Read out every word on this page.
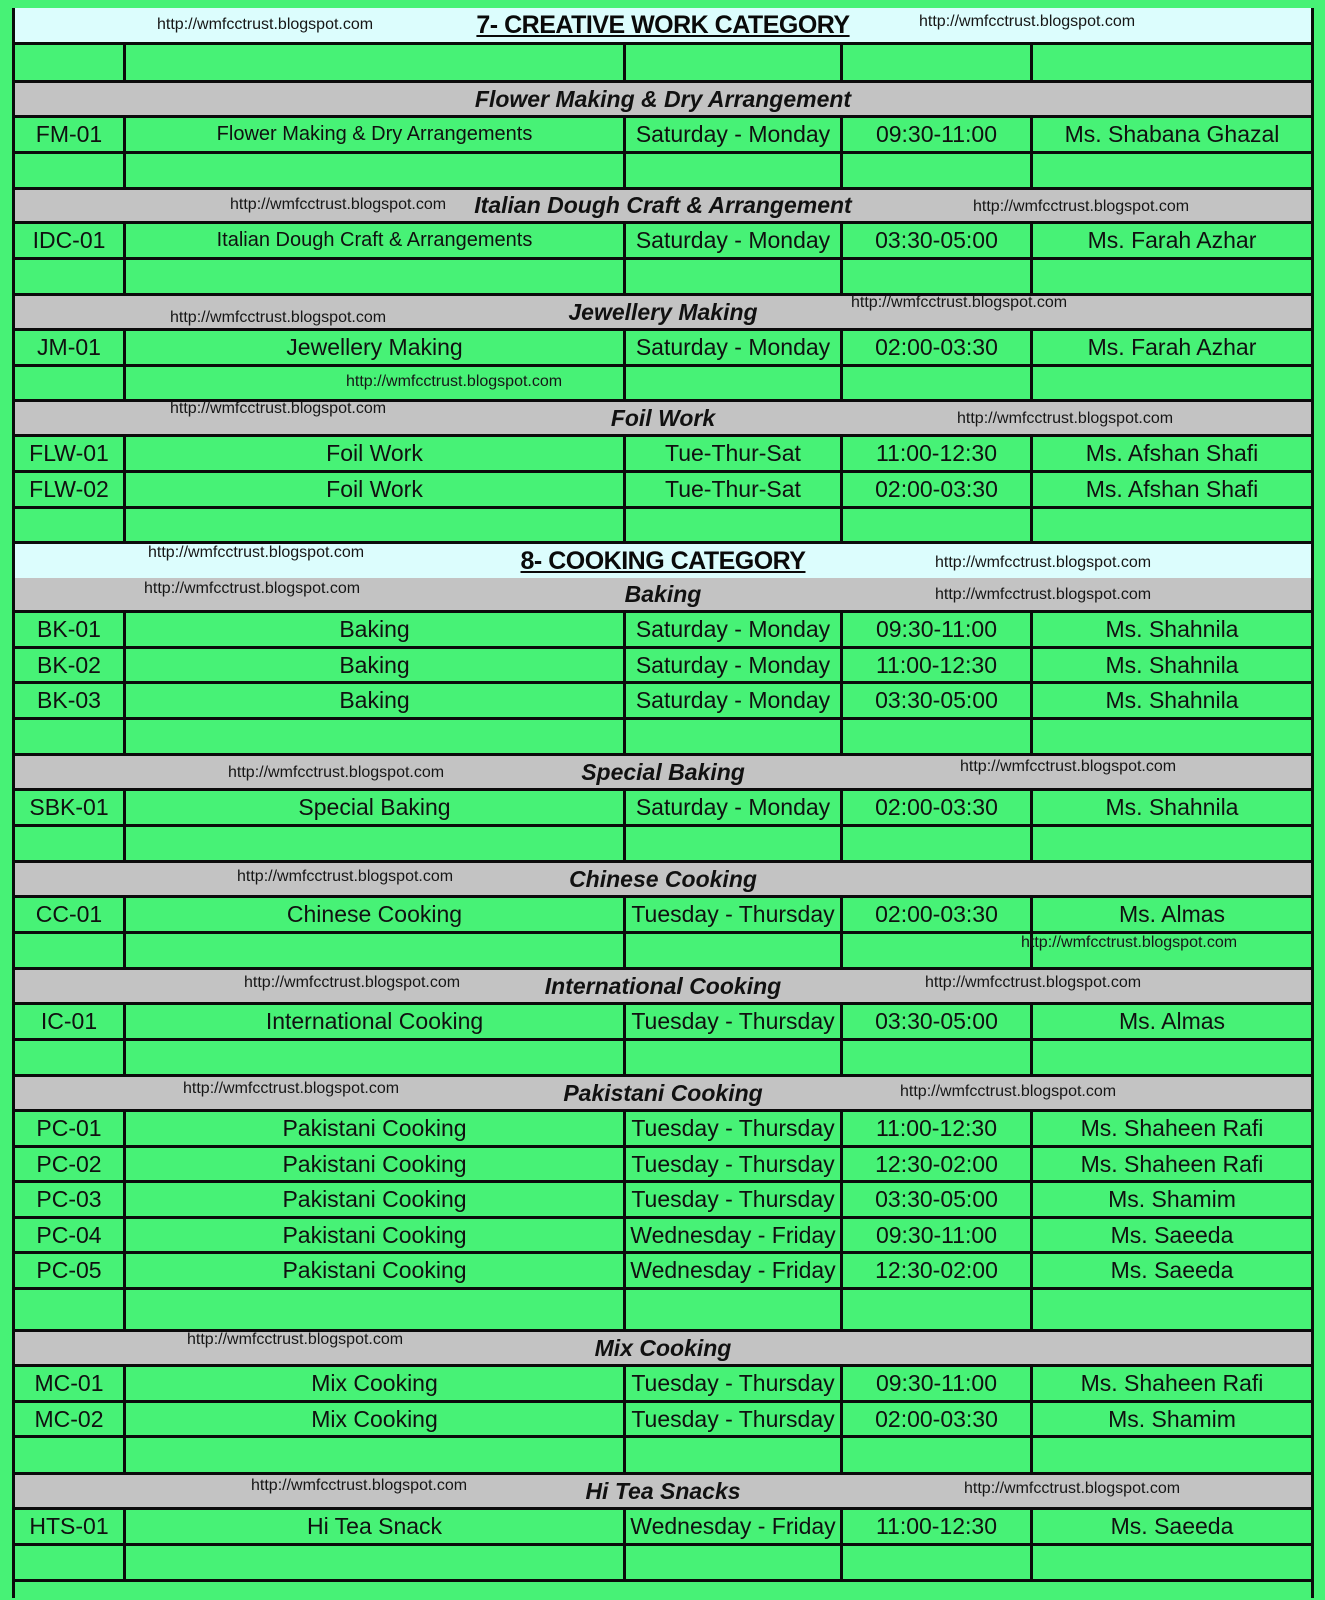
7- CREATIVE WORK CATEGORY
http://wmfcctrust.blogspot.com	http://wmfcctrust.blogspot.com
Flower Making & Dry Arrangement
FM-01	Flower Making & Dry Arrangements	Saturday - Monday	09:30-11:00	Ms. Shabana Ghazal
Italian Dough Craft & Arrangement
http://wmfcctrust.blogspot.com	http://wmfcctrust.blogspot.com
IDC-01	Italian Dough Craft & Arrangements	Saturday - Monday	03:30-05:00	Ms. Farah Azhar
Jewellery Making
http://wmfcctrust.blogspot.com
http://wmfcctrust.blogspot.com
JM-01	Jewellery Making	Saturday - Monday	02:00-03:30	Ms. Farah Azhar
http://wmfcctrust.blogspot.com
Foil Work
http://wmfcctrust.blogspot.com
http://wmfcctrust.blogspot.com
FLW-01	Foil Work	Tue-Thur-Sat	11:00-12:30	Ms. Afshan Shafi
FLW-02	Foil Work	Tue-Thur-Sat	02:00-03:30	Ms. Afshan Shafi
8- COOKING CATEGORY
http://wmfcctrust.blogspot.com
http://wmfcctrust.blogspot.com
Baking
http://wmfcctrust.blogspot.com	http://wmfcctrust.blogspot.com
BK-01	Baking	Saturday - Monday	09:30-11:00	Ms. Shahnila
BK-02	Baking	Saturday - Monday	11:00-12:30	Ms. Shahnila
BK-03	Baking	Saturday - Monday	03:30-05:00	Ms. Shahnila
Special Baking
http://wmfcctrust.blogspot.com	http://wmfcctrust.blogspot.com
SBK-01	Special Baking	Saturday - Monday	02:00-03:30	Ms. Shahnila
Chinese Cooking
http://wmfcctrust.blogspot.com
CC-01	Chinese Cooking	Tuesday - Thursday	02:00-03:30	Ms. Almas
http://wmfcctrust.blogspot.com
International Cooking
http://wmfcctrust.blogspot.com	http://wmfcctrust.blogspot.com
IC-01	International Cooking	Tuesday - Thursday	03:30-05:00	Ms. Almas
Pakistani Cooking
http://wmfcctrust.blogspot.com	http://wmfcctrust.blogspot.com
PC-01	Pakistani Cooking	Tuesday - Thursday	11:00-12:30	Ms. Shaheen Rafi
PC-02	Pakistani Cooking	Tuesday - Thursday	12:30-02:00	Ms. Shaheen Rafi
PC-03	Pakistani Cooking	Tuesday - Thursday	03:30-05:00	Ms. Shamim
PC-04	Pakistani Cooking	Wednesday - Friday	09:30-11:00	Ms. Saeeda
PC-05	Pakistani Cooking	Wednesday - Friday	12:30-02:00	Ms. Saeeda
Mix Cooking
http://wmfcctrust.blogspot.com
MC-01	Mix Cooking	Tuesday - Thursday	09:30-11:00	Ms. Shaheen Rafi
MC-02	Mix Cooking	Tuesday - Thursday	02:00-03:30	Ms. Shamim
Hi Tea Snacks
http://wmfcctrust.blogspot.com	http://wmfcctrust.blogspot.com
HTS-01	Hi Tea Snack	Wednesday - Friday	11:00-12:30	Ms. Saeeda
